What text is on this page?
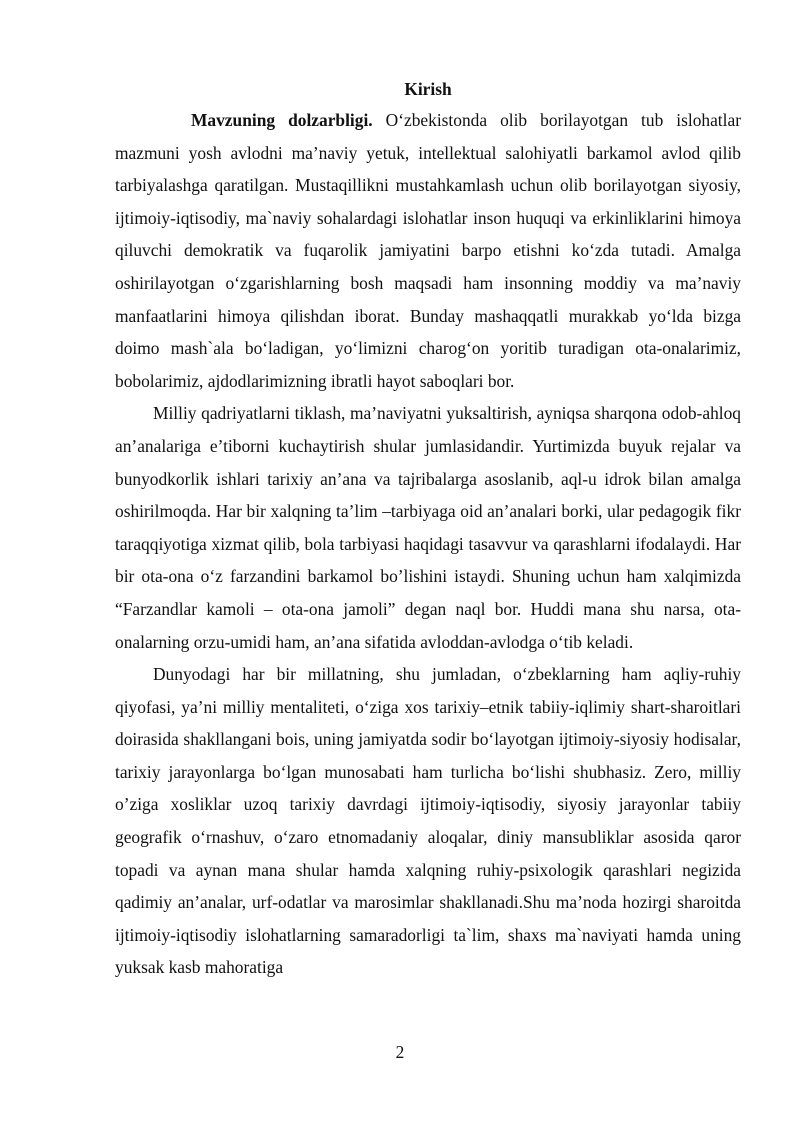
Kirish

Mavzuning dolzarbligi. O‘zbekistonda olib borilayotgan tub islohatlar mazmuni yosh avlodni ma’naviy yetuk, intellektual salohiyatli barkamol avlod qilib tarbiyalashga qaratilgan. Mustaqillikni mustahkamlash uchun olib borilayotgan siyosiy, ijtimoiy-iqtisodiy, ma`naviy sohalardagi islohatlar inson huquqi va erkinliklarini himoya qiluvchi demokratik va fuqarolik jamiyatini barpo etishni ko‘zda tutadi. Amalga oshirilayotgan o‘zgarishlarning bosh maqsadi ham insonning moddiy va ma’naviy manfaatlarini himoya qilishdan iborat. Bunday mashaqqatli murakkab yo‘lda bizga doimo mash`ala bo‘ladigan, yo‘limizni charog‘on yoritib turadigan ota-onalarimiz, bobolarimiz, ajdodlarimizning ibratli hayot saboqlari bor.

Milliy qadriyatlarni tiklash, ma’naviyatni yuksaltirish, ayniqsa sharqona odob-ahloq an’analariga e’tiborni kuchaytirish shular jumlasidandir. Yurtimizda buyuk rejalar va bunyodkorlik ishlari tarixiy an’ana va tajribalarga asoslanib, aql-u idrok bilan amalga oshirilmoqda. Har bir xalqning ta’lim –tarbiyaga oid an’analari borki, ular pedagogik fikr taraqqiyotiga xizmat qilib, bola tarbiyasi haqidagi tasavvur va qarashlarni ifodalaydi. Har bir ota-ona o‘z farzandini barkamol bo’lishini istaydi. Shuning uchun ham xalqimizda “Farzandlar kamoli – ota-ona jamoli” degan naql bor. Huddi mana shu narsa, ota-onalarning orzu-umidi ham, an’ana sifatida avloddan-avlodga o‘tib keladi.

Dunyodagi har bir millatning, shu jumladan, o‘zbeklarning ham aqliy-ruhiy qiyofasi, ya’ni milliy mentaliteti, o‘ziga xos tarixiy–etnik tabiiy-iqlimiy shart-sharoitlari doirasida shakllangani bois, uning jamiyatda sodir bo‘layotgan ijtimoiy-siyosiy hodisalar, tarixiy jarayonlarga bo‘lgan munosabati ham turlicha bo‘lishi shubhasiz. Zero, milliy o’ziga xosliklar uzoq tarixiy davrdagi ijtimoiy-iqtisodiy, siyosiy jarayonlar tabiiy geografik o‘rnashuv, o‘zaro etnomadaniy aloqalar, diniy mansubliklar asosida qaror topadi va aynan mana shular hamda xalqning ruhiy-psixologik qarashlari negizida qadimiy an’analar, urf-odatlar va marosimlar shakllanadi.Shu ma’noda hozirgi sharoitda ijtimoiy-iqtisodiy islohatlarning samaradorligi ta`lim, shaxs ma`naviyati hamda uning yuksak kasb mahoratiga

2
